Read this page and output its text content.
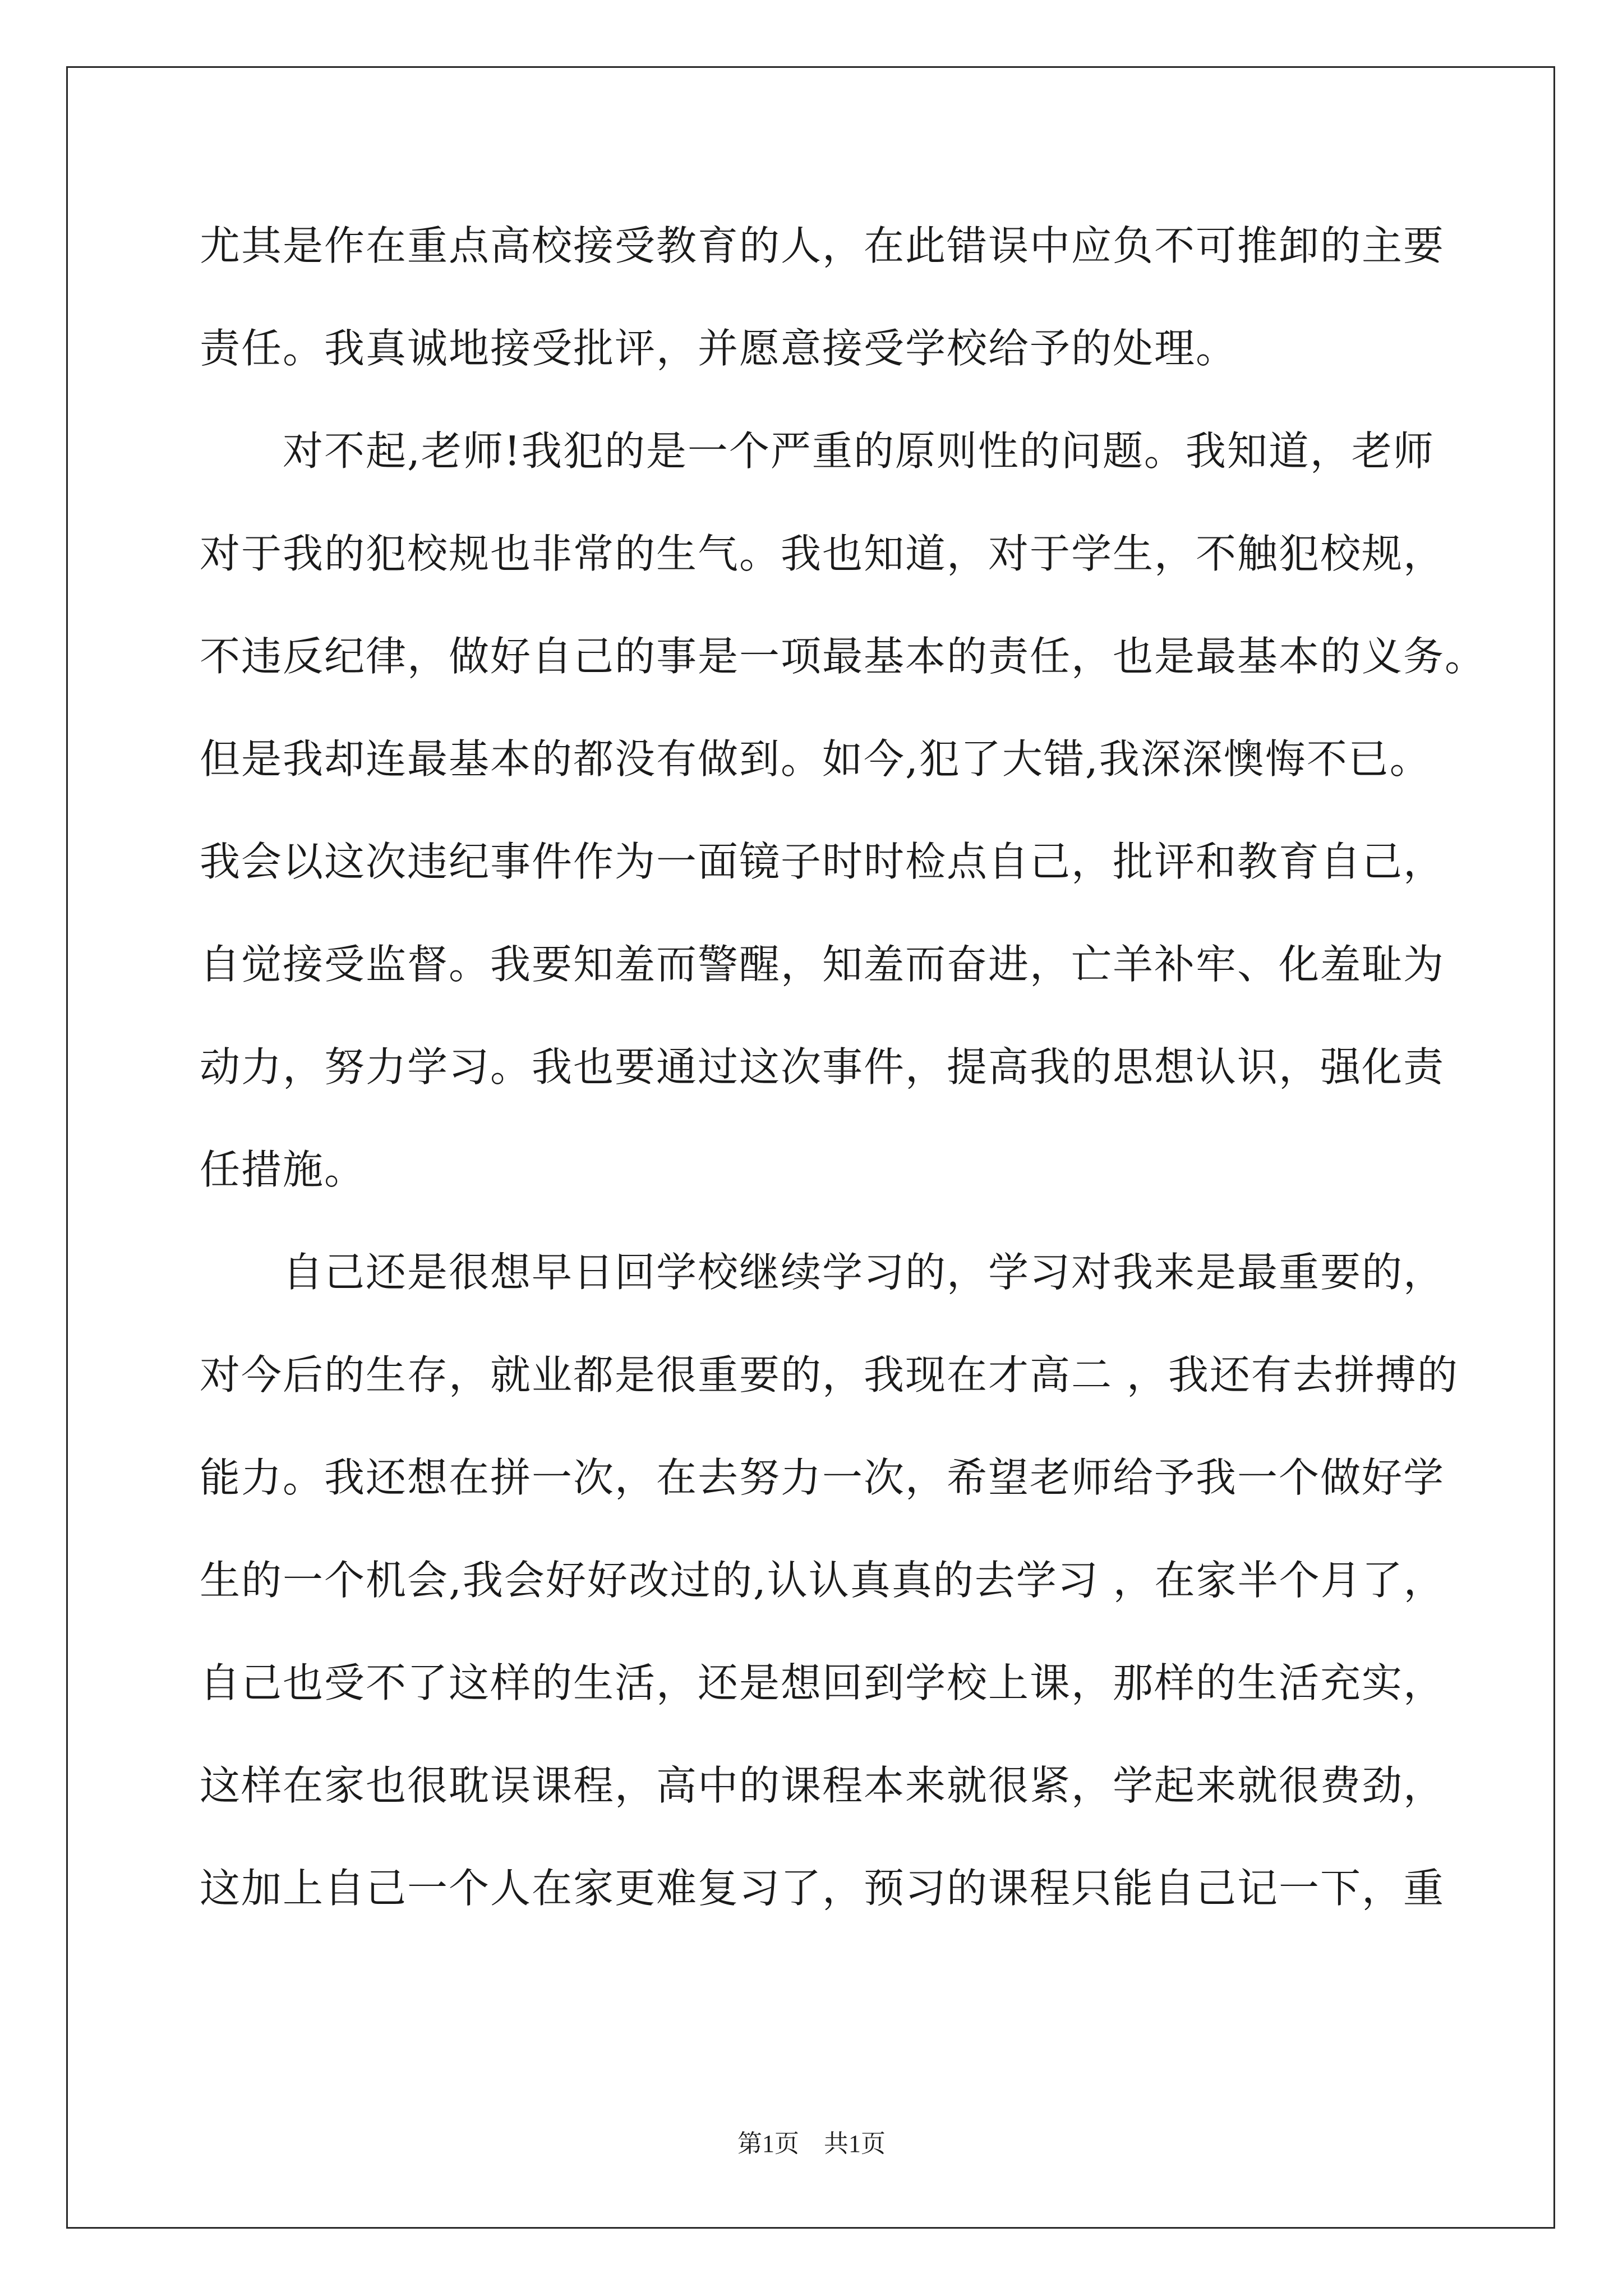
尤其是作在重点高校接受教育的人，在此错误中应负不可推卸的主要
责任。我真诚地接受批评，并愿意接受学校给予的处理。
　　对不起,老师!我犯的是一个严重的原则性的问题。我知道，老师
对于我的犯校规也非常的生气。我也知道，对于学生，不触犯校规，
不违反纪律，做好自己的事是一项最基本的责任，也是最基本的义务。
但是我却连最基本的都没有做到。如今,犯了大错,我深深懊悔不已。
我会以这次违纪事件作为一面镜子时时检点自己，批评和教育自己，
自觉接受监督。我要知羞而警醒，知羞而奋进，亡羊补牢、化羞耻为
动力，努力学习。我也要通过这次事件，提高我的思想认识，强化责
任措施。
　　自己还是很想早日回学校继续学习的，学习对我来是最重要的，
对今后的生存，就业都是很重要的，我现在才高二 ，我还有去拼搏的
能力。我还想在拼一次，在去努力一次，希望老师给予我一个做好学
生的一个机会,我会好好改过的,认认真真的去学习 ，在家半个月了，
自己也受不了这样的生活，还是想回到学校上课，那样的生活充实，
这样在家也很耽误课程，高中的课程本来就很紧，学起来就很费劲，
这加上自己一个人在家更难复习了，预习的课程只能自己记一下，重
第1页　共1页
